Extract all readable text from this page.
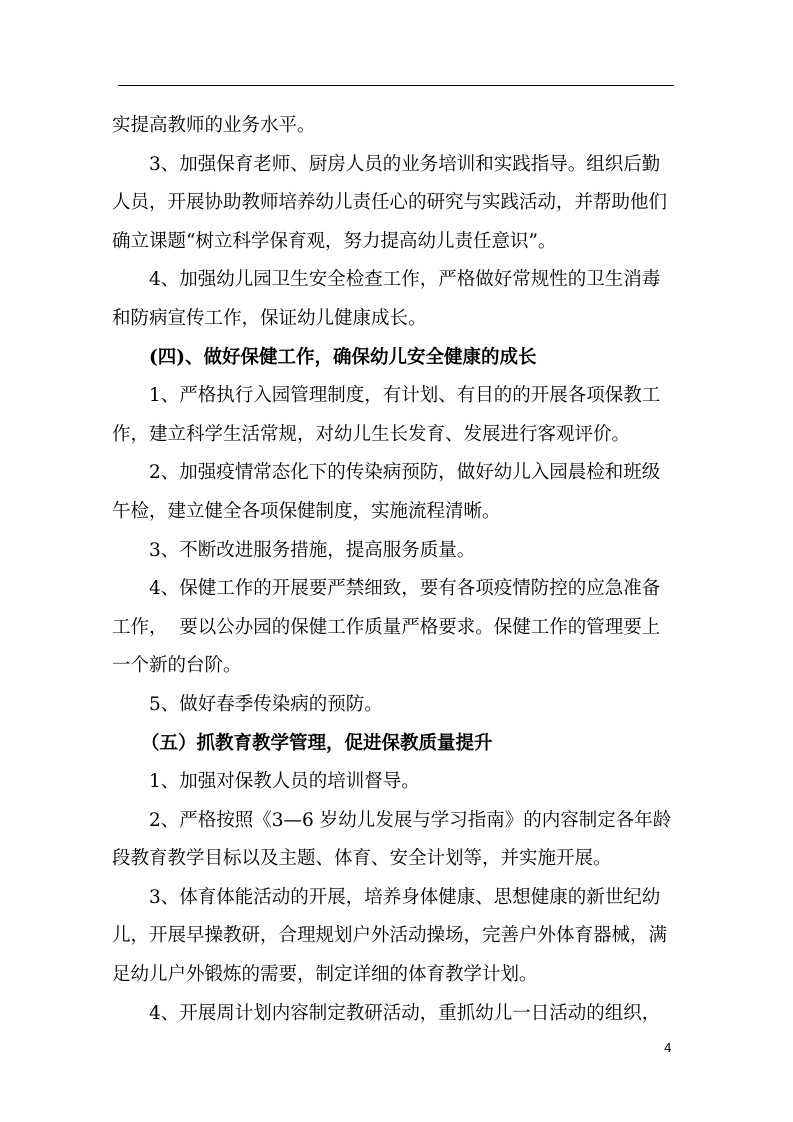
实提高教师的业务水平。
3、加强保育老师、厨房人员的业务培训和实践指导。组织后勤
人员，开展协助教师培养幼儿责任心的研究与实践活动，并帮助他们
确立课题“树立科学保育观，努力提高幼儿责任意识”。
4、加强幼儿园卫生安全检查工作，严格做好常规性的卫生消毒
和防病宣传工作，保证幼儿健康成长。
(四)、做好保健工作，确保幼儿安全健康的成长
1、严格执行入园管理制度，有计划、有目的的开展各项保教工
作，建立科学生活常规，对幼儿生长发育、发展进行客观评价。
2、加强疫情常态化下的传染病预防，做好幼儿入园晨检和班级
午检，建立健全各项保健制度，实施流程清晰。
3、不断改进服务措施，提高服务质量。
4、保健工作的开展要严禁细致，要有各项疫情防控的应急准备
工作，  要以公办园的保健工作质量严格要求。保健工作的管理要上
一个新的台阶。
5、做好春季传染病的预防。
（五）抓教育教学管理，促进保教质量提升
1、加强对保教人员的培训督导。
2、严格按照《3—6 岁幼儿发展与学习指南》的内容制定各年龄
段教育教学目标以及主题、体育、安全计划等，并实施开展。
3、体育体能活动的开展，培养身体健康、思想健康的新世纪幼
儿，开展早操教研，合理规划户外活动操场，完善户外体育器械，满
足幼儿户外锻炼的需要，制定详细的体育教学计划。
4、开展周计划内容制定教研活动，重抓幼儿一日活动的组织，
4
